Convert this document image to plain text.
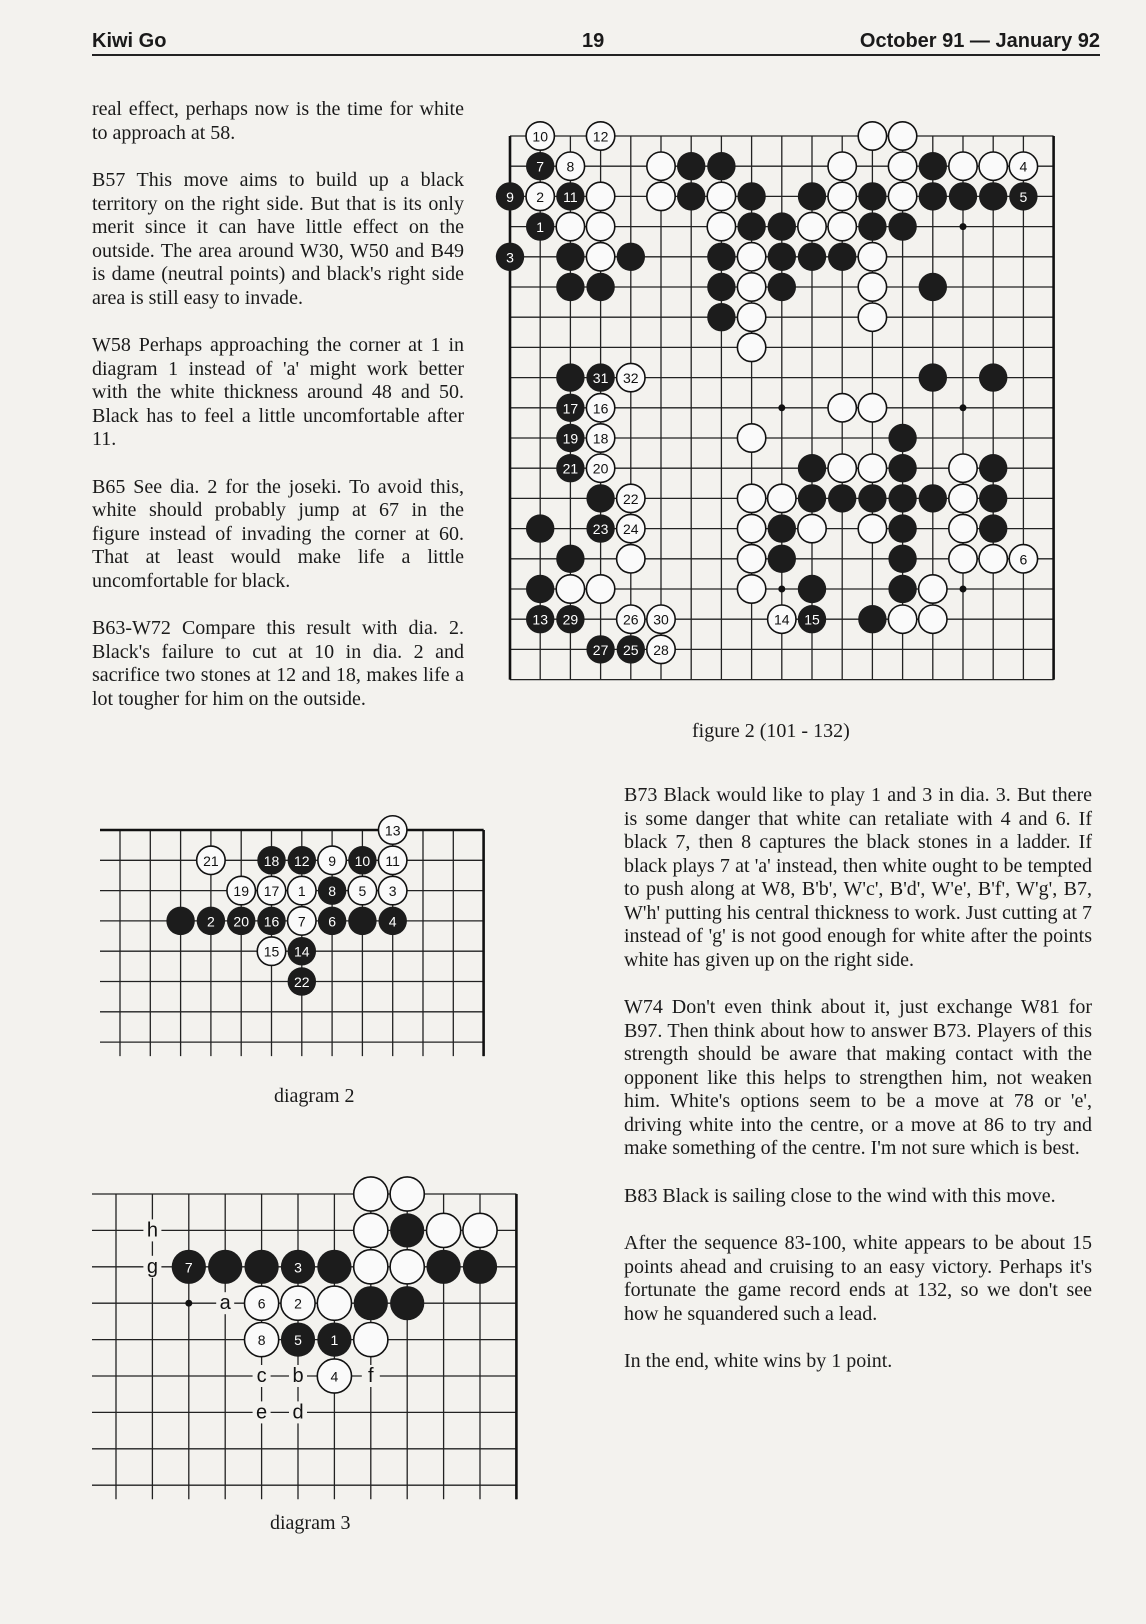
Kiwi Go	19	October 91 — January 92

real effect, perhaps now is the time for white to approach at 58.

B57 This move aims to build up a black territory on the right side. But that is its only merit since it can have little effect on the outside. The area around W30, W50 and B49 is dame (neutral points) and black's right side area is still easy to invade.

W58 Perhaps approaching the corner at 1 in diagram 1 instead of 'a' might work better with the white thickness around 48 and 50. Black has to feel a little uncomfortable after 11.

B65 See dia. 2 for the joseki. To avoid this, white should probably jump at 67 in the figure instead of invading the corner at 60. That at least would make life a little uncomfortable for black.

B63-W72 Compare this result with dia. 2. Black's failure to cut at 10 in dia. 2 and sacrifice two stones at 12 and 18, makes life a lot tougher for him on the outside.

10	12
7 8
9 2 11
1
3
4
5
31 32
17 16
19 18
21 20
22
23 24
13 29	26 30
27 25 28
6
14 15
figure 2 (101 - 132)
13
21	18 12 9 10 11
19 17 1 8 5 3
2 20 16 7 6	4
15 14
22
diagram 2
7	3
6 2
8 5 1
4
h
g
a
c b	f
e d
diagram 3

B73 Black would like to play 1 and 3 in dia. 3. But there is some danger that white can retaliate with 4 and 6. If black 7, then 8 captures the black stones in a ladder. If black plays 7 at 'a' instead, then white ought to be tempted to push along at W8, B'b', W'c', B'd', W'e', B'f', W'g', B7, W'h' putting his central thickness to work. Just cutting at 7 instead of 'g' is not good enough for white after the points white has given up on the right side.

W74 Don't even think about it, just exchange W81 for B97. Then think about how to answer B73. Players of this strength should be aware that making contact with the opponent like this helps to strengthen him, not weaken him. White's options seem to be a move at 78 or 'e', driving white into the centre, or a move at 86 to try and make something of the centre. I'm not sure which is best.

B83 Black is sailing close to the wind with this move.

After the sequence 83-100, white appears to be about 15 points ahead and cruising to an easy victory. Perhaps it's fortunate the game record ends at 132, so we don't see how he squandered such a lead.

In the end, white wins by 1 point.
